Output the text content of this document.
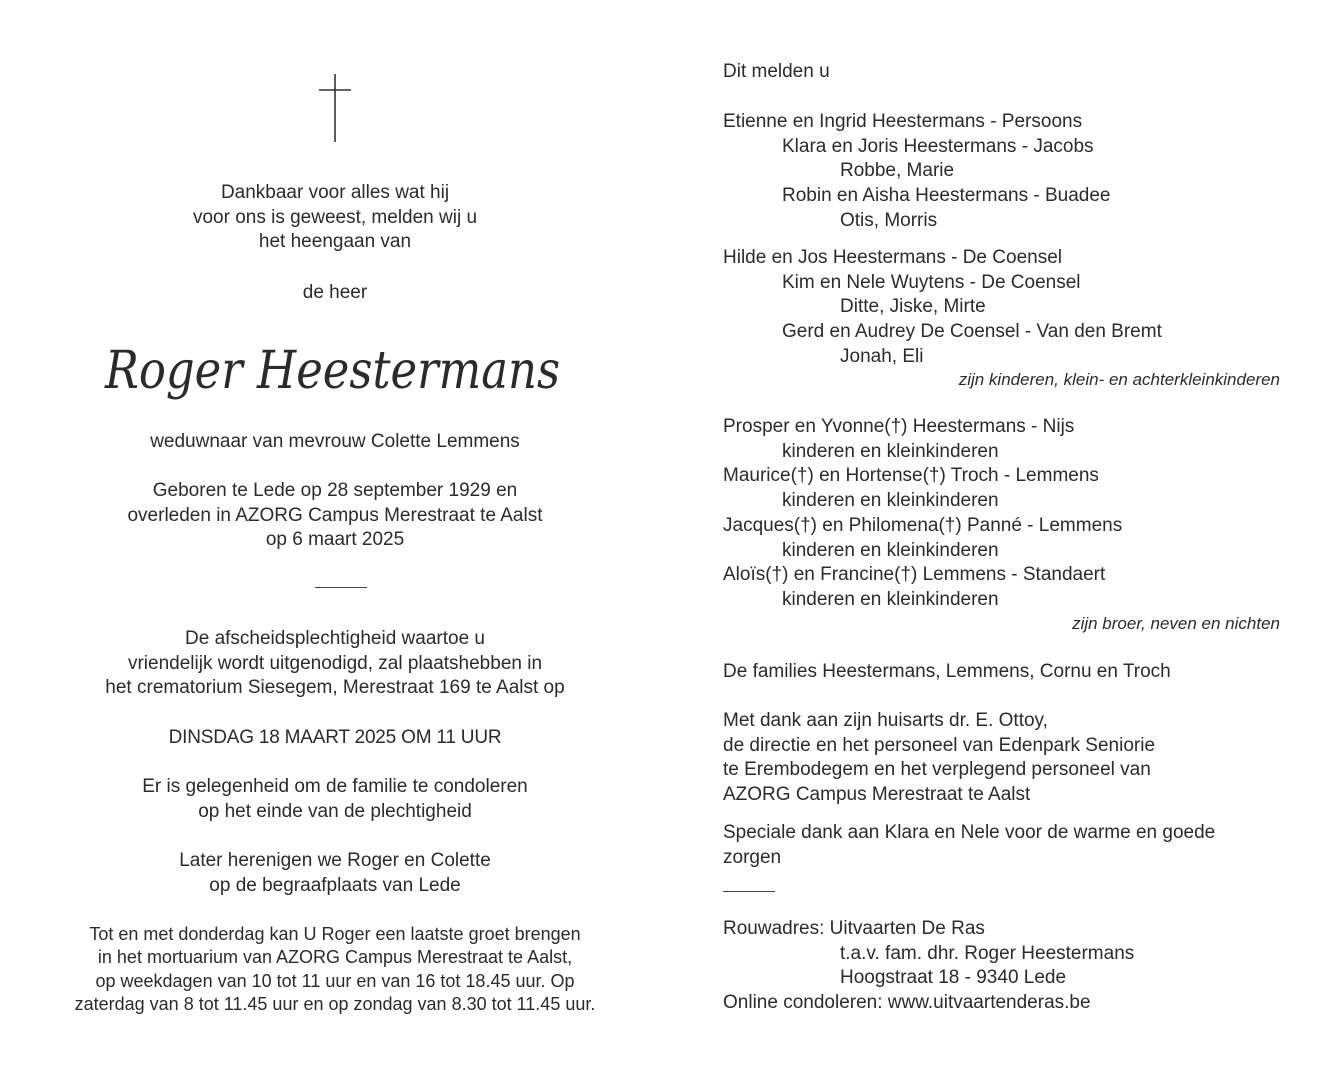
Dankbaar voor alles wat hij
voor ons is geweest, melden wij u
het heengaan van
de heer
Roger Heestermans
weduwnaar van mevrouw Colette Lemmens
Geboren te Lede op 28 september 1929 en
overleden in AZORG Campus Merestraat te Aalst
op 6 maart 2025
De afscheidsplechtigheid waartoe u
vriendelijk wordt uitgenodigd, zal plaatshebben in
het crematorium Siesegem, Merestraat 169 te Aalst op
DINSDAG 18 MAART 2025 OM 11 UUR
Er is gelegenheid om de familie te condoleren
op het einde van de plechtigheid
Later herenigen we Roger en Colette
op de begraafplaats van Lede
Tot en met donderdag kan U Roger een laatste groet brengen
in het mortuarium van AZORG Campus Merestraat te Aalst,
op weekdagen van 10 tot 11 uur en van 16 tot 18.45 uur. Op
zaterdag van 8 tot 11.45 uur en op zondag van 8.30 tot 11.45 uur.
Dit melden u
Etienne en Ingrid Heestermans - Persoons
Klara en Joris Heestermans - Jacobs
Robbe, Marie
Robin en Aisha Heestermans - Buadee
Otis, Morris
Hilde en Jos Heestermans - De Coensel
Kim en Nele Wuytens - De Coensel
Ditte, Jiske, Mirte
Gerd en Audrey De Coensel - Van den Bremt
Jonah, Eli
zijn kinderen, klein- en achterkleinkinderen
Prosper en Yvonne(†) Heestermans - Nijs
kinderen en kleinkinderen
Maurice(†) en Hortense(†) Troch - Lemmens
kinderen en kleinkinderen
Jacques(†) en Philomena(†) Panné - Lemmens
kinderen en kleinkinderen
Aloïs(†) en Francine(†) Lemmens - Standaert
kinderen en kleinkinderen
zijn broer, neven en nichten
De families Heestermans, Lemmens, Cornu en Troch
Met dank aan zijn huisarts dr. E. Ottoy,
de directie en het personeel van Edenpark Seniorie
te Erembodegem en het verplegend personeel van
AZORG Campus Merestraat te Aalst
Speciale dank aan Klara en Nele voor de warme en goede
zorgen
Rouwadres: Uitvaarten De Ras
t.a.v. fam. dhr. Roger Heestermans
Hoogstraat 18 - 9340 Lede
Online condoleren: www.uitvaartenderas.be
